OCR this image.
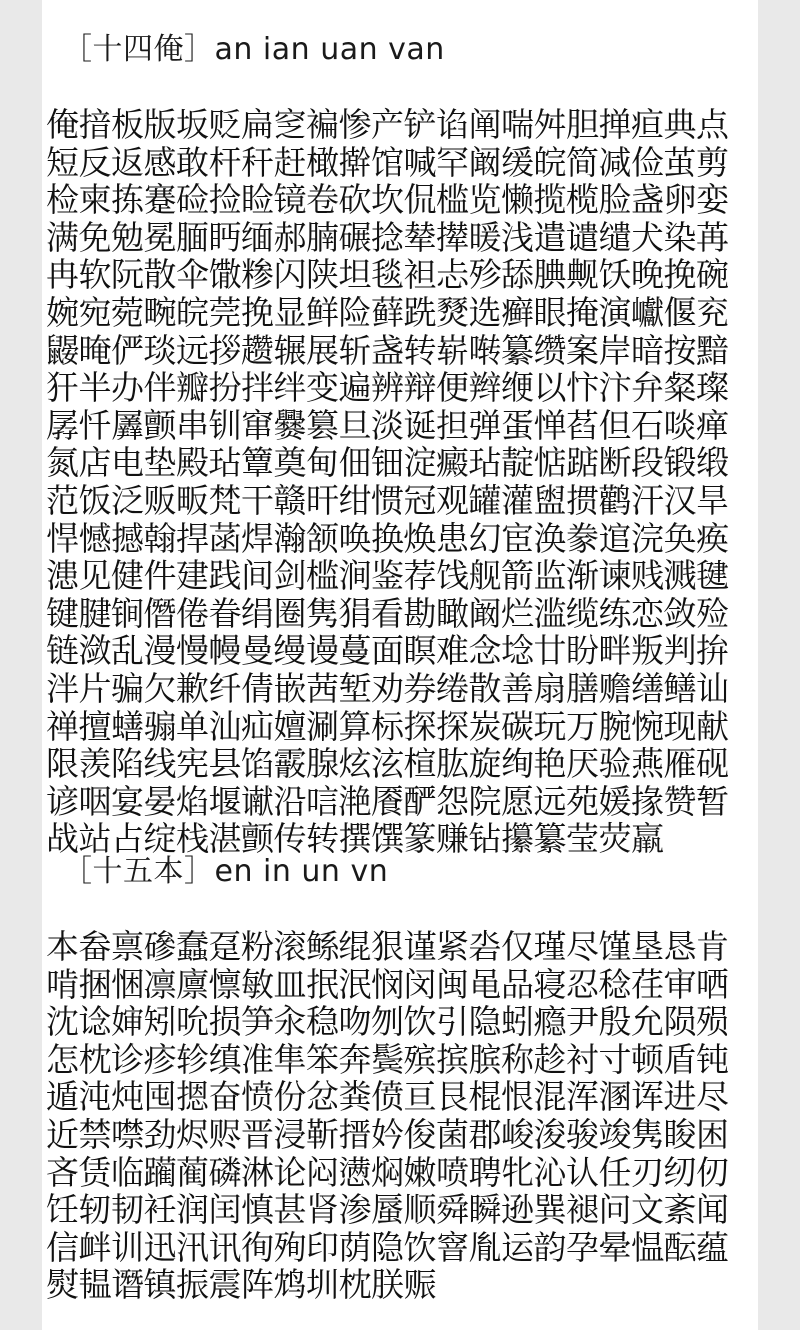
［十四俺］an ian uan van
俺揞板版坂贬扁窆褊惨产铲谄阐喘舛胆掸疸典点短反返感敢杆秆赶橄擀馆喊罕阚缓皖简减俭茧剪检柬拣蹇硷捡睑镜卷砍坎侃槛览懒揽榄脸盏卵娈满免勉冕腼眄缅郝腩碾捻辇撵暖浅遣谴缱犬染苒冉软阮散伞馓糁闪陕坦毯袒忐殄舔腆觍饫晚挽碗婉宛菀畹皖莞挽显鲜险藓跣燹选癣眼掩演巘偃兖鼹晻俨琰远拶趱辗展斩盏转崭啭纂缵案岸暗按黯犴半办伴瓣扮拌绊变遍辨辩便辫缏以忭汴弁粲璨孱忏羼颤串钏窜爨篡旦淡诞担弹蛋惮萏但石啖瘅氮店电垫殿玷簟奠甸佃钿淀癜玷靛惦踮断段锻缎范饭泛贩畈梵干赣旰绀惯冠观罐灌盥掼鹳汗汉旱悍憾撼翰捍菡焊瀚颔唤换焕患幻宦涣豢逭浣奂痪漶见健件建践间剑槛涧鉴荐饯舰箭监渐谏贱溅毽键腱锏僭倦眷绢圈隽狷看勘瞰阚烂滥缆练恋敛殓链潋乱漫慢幔曼缦谩蔓面瞑难念埝廿盼畔叛判拚泮片骗欠歉纤倩嵌茜堑劝券绻散善扇膳赡缮鳝讪禅擅蟮骟单汕疝嬗涮算标探探炭碳玩万腕惋现献限羡陷线宪县馅霰腺炫泫楦肱旋绚艳厌验燕雁砚谚咽宴晏焰堰谳沿唁滟餍酽怨院愿远苑媛掾赞暂战站占绽栈湛颤传转撰馔篆赚钻攥纂莹荧羸
［十五本］en in un vn
本畚禀磣蠢趸粉滚鲧绲狠谨紧沯仅瑾尽馑垦恳肯啃捆悃凛廪懔敏皿抿泯悯闵闽黾品寝忍稔荏审哂沈谂婶矧吮损笋汆稳吻刎饮引隐蚓瘾尹殷允陨殒怎枕诊疹轸缜准隼笨奔鬓殡摈膑称趁衬寸顿盾钝遁沌炖囤摁奋愤份忿粪偾亘艮棍恨混浑溷诨进尽近禁噤劲烬赆晋浸靳搢妗俊菌郡峻浚骏竣隽睃困吝赁临躏蔺磷淋论闷懑焖嫩喷聘牝沁认任刃纫仞饪轫韧衽润闰慎甚肾渗蜃顺舜瞬逊巽褪问文紊闻信衅训迅汛讯徇殉印荫隐饮窨胤运韵孕晕愠酝蕴熨韫谮镇振震阵鸩圳枕朕赈
